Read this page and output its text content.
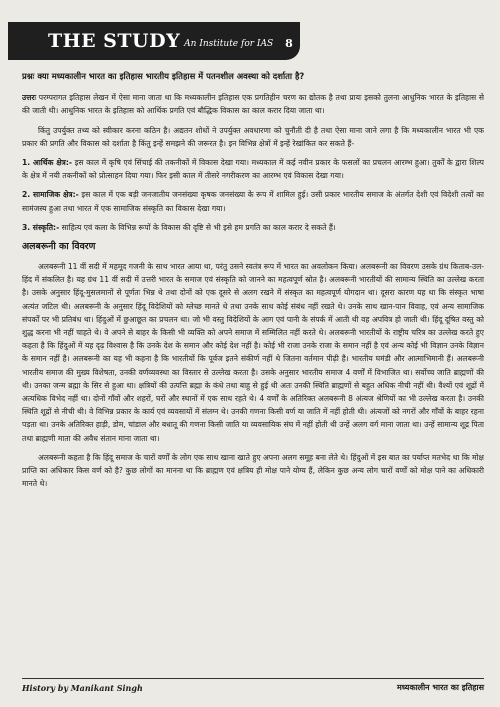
THE STUDY An Institute for IAS 8

प्रश्नः क्या मध्यकालीन भारत का इतिहास भारतीय इतिहास में पतनशील अवस्था को दर्शाता है?

उत्तरः परम्परागत इतिहास लेखन में ऐसा माना जाता था कि मध्यकालीन इतिहास एक प्रगतिहीन चरण का द्योतक है तथा प्रायः इसको तुलना आधुनिक भारत के इतिहास से की जाती थी। आधुनिक भारत के इतिहास को आर्थिक प्रगति एवं बौद्धिक विकास का काल करार दिया जाता था।

किंतु उपर्युक्त तथ्य को स्वीकार करना कठिन है। अद्यतन शोधों ने उपर्युक्त अवधारणा को चुनौती दी है तथा ऐसा माना जाने लगा है कि मध्यकालीन भारत भी एक प्रकार की प्रगति और विकास को दर्शाता है किंतु इन्हें समझने की जरूरत है। इन विभिन्न क्षेत्रों में इन्हें रेखांकित कर सकते हैं-

1. आर्थिक क्षेत्र:- इस काल में कृषि एवं सिंचाई की तकनीकों में विकास देखा गया। मध्यकाल में कई नवीन प्रकार के फसलों का प्रचलन आरम्भ हुआ। तुर्कों के द्वारा शिल्प के क्षेत्र में नयी तकनीकों को प्रोत्साहन दिया गया। फिर इसी काल में तीसरे नगरीकरण का आरम्भ एवं विकास देखा गया।

2. सामाजिक क्षेत्र:- इस काल में एक बड़ी जनजातीय जनसंख्या कृषक जनसंख्या के रूप में शामिल हुई। उसी प्रकार भारतीय समाज के अंतर्गत देशी एवं विदेशी तत्वों का सामंजस्य हुआ तथा भारत में एक सामाजिक संस्कृति का विकास देखा गया।

3. संस्कृति:- साहित्य एवं कला के विभिन्न रूपों के विकास की दृष्टि से भी इसे हम प्रगति का काल करार दे सकते हैं।

अलबरूनी का विवरण

अलबरूनी 11 वीं सदी में महमूद गजनी के साथ भारत आया था, परंतु उसने स्वतंत्र रूप में भारत का अवलोकन किया। अलबरूनी का विवरण उसके ग्रंथ किताब-उल-हिंद में संकलित है। यह ग्रंथ 11 वीं सदी में उत्तरी भारत के समाज एवं संस्कृति को जानने का महत्वपूर्ण स्रोत है। अलबरूनी भारतीयों की सामान्य स्थिति का उल्लेख करता है। उसके अनुसार हिंदू-मुसलमानों से पूर्णतः भिन्न थे तथा दोनों को एक दूसरे से अलग रखने में संस्कृत का महत्वपूर्ण योगदान था। दूसरा कारण यह था कि संस्कृत भाषा अत्यंत जटिल थी। अलबरूनी के अनुसार हिंदू विदेशियों को म्लेच्छ मानते थे तथा उनके साथ कोई संबंध नहीं रखते थे। उनके साथ खान-पान विवाह, एवं अन्य सामाजिक संपर्कों पर भी प्रतिबंध था। हिंदुओं में छुआछूत का प्रचलन था। जो भी वस्तु विदेशियों के आग एवं पानी के संपर्क में आती थी वह अपवित्र हो जाती थी। हिंदू दूषित वस्तु को शुद्ध करना भी नहीं चाहते थे। वे अपने से बाहर के किसी भी व्यक्ति को अपने समाज में सम्मिलित नहीं करते थे। अलबरूनी भारतीयों के राष्ट्रीय चरित्र का उल्लेख करते हुए कहता है कि हिंदुओं में यह दृढ़ विश्वास है कि उनके देश के समान और कोई देश नहीं है। कोई भी राजा उनके राजा के समान नहीं है एवं अन्य कोई भी विज्ञान उनके विज्ञान के समान नहीं है। अलबरूनी का यह भी कहना है कि भारतीयों कि पूर्वज इतने संकीर्ण नहीं थे जितना वर्तमान पीढ़ी है। भारतीय घमंडी और आत्माभिमानी हैं। अलबरूनी भारतीय समाज की मुख्य विशेषता, उनकी वर्णव्यवस्था का विस्तार से उल्लेख करता है। उसके अनुसार भारतीय समाज 4 वर्णों में विभाजित था। सर्वोच्च जाति ब्राह्मणों की थी। उनका जन्म ब्रह्मा के सिर से हुआ था। क्षत्रियों की उत्पत्ति ब्रह्मा के कंधे तथा बाहु से हुई थी अतः उनकी स्थिति ब्राह्मणों से बहुत अधिक नीची नहीं थी। वैश्यों एवं शूद्रों में अत्यधिक विभेद नहीं था। दोनों गाँवों और शहरों, घरों और स्थानों में एक साथ रहते थे। 4 वर्णों के अतिरिक्त अलबरूनी 8 अंत्यज श्रेणियों का भी उल्लेख करता है। उनकी स्थिति शूद्रों से नीची थी। वे विभिन्न प्रकार के कार्य एवं व्यवसायों में संलग्न थे। उनकी गणना किसी वर्ण या जाति में नहीं होती थी। अंत्यजों को नगरों और गाँवों के बाहर रहना पड़ता था। उनके अतिरिक्त हाड़ी, डोम, चांडाल और बधातू की गणना किसी जाति या व्यवसायिक संघ में नहीं होती थी उन्हें अलग वर्ग माना जाता था। उन्हें सामान्य शूद्र पिता तथा ब्राह्मणी माता की अवैध संतान माना जाता था।

अलबरूनी कहता है कि हिंदू समाज के चारों वर्णों के लोग एक साथ खाना खाते हुए अपना अलग समूह बना लेते थे। हिंदुओं में इस बात का पर्याप्त मतभेद था कि मोक्ष प्राप्ति का अधिकार किस वर्ण को है? कुछ लोगों का मानना था कि ब्राह्मण एवं क्षत्रिय ही मोक्ष पाने योग्य हैं, लेकिन कुछ अन्य लोग चारों वर्णों को मोक्ष पाने का अधिकारी मानते थे।

History by Manikant Singh	मध्यकालीन भारत का इतिहास
